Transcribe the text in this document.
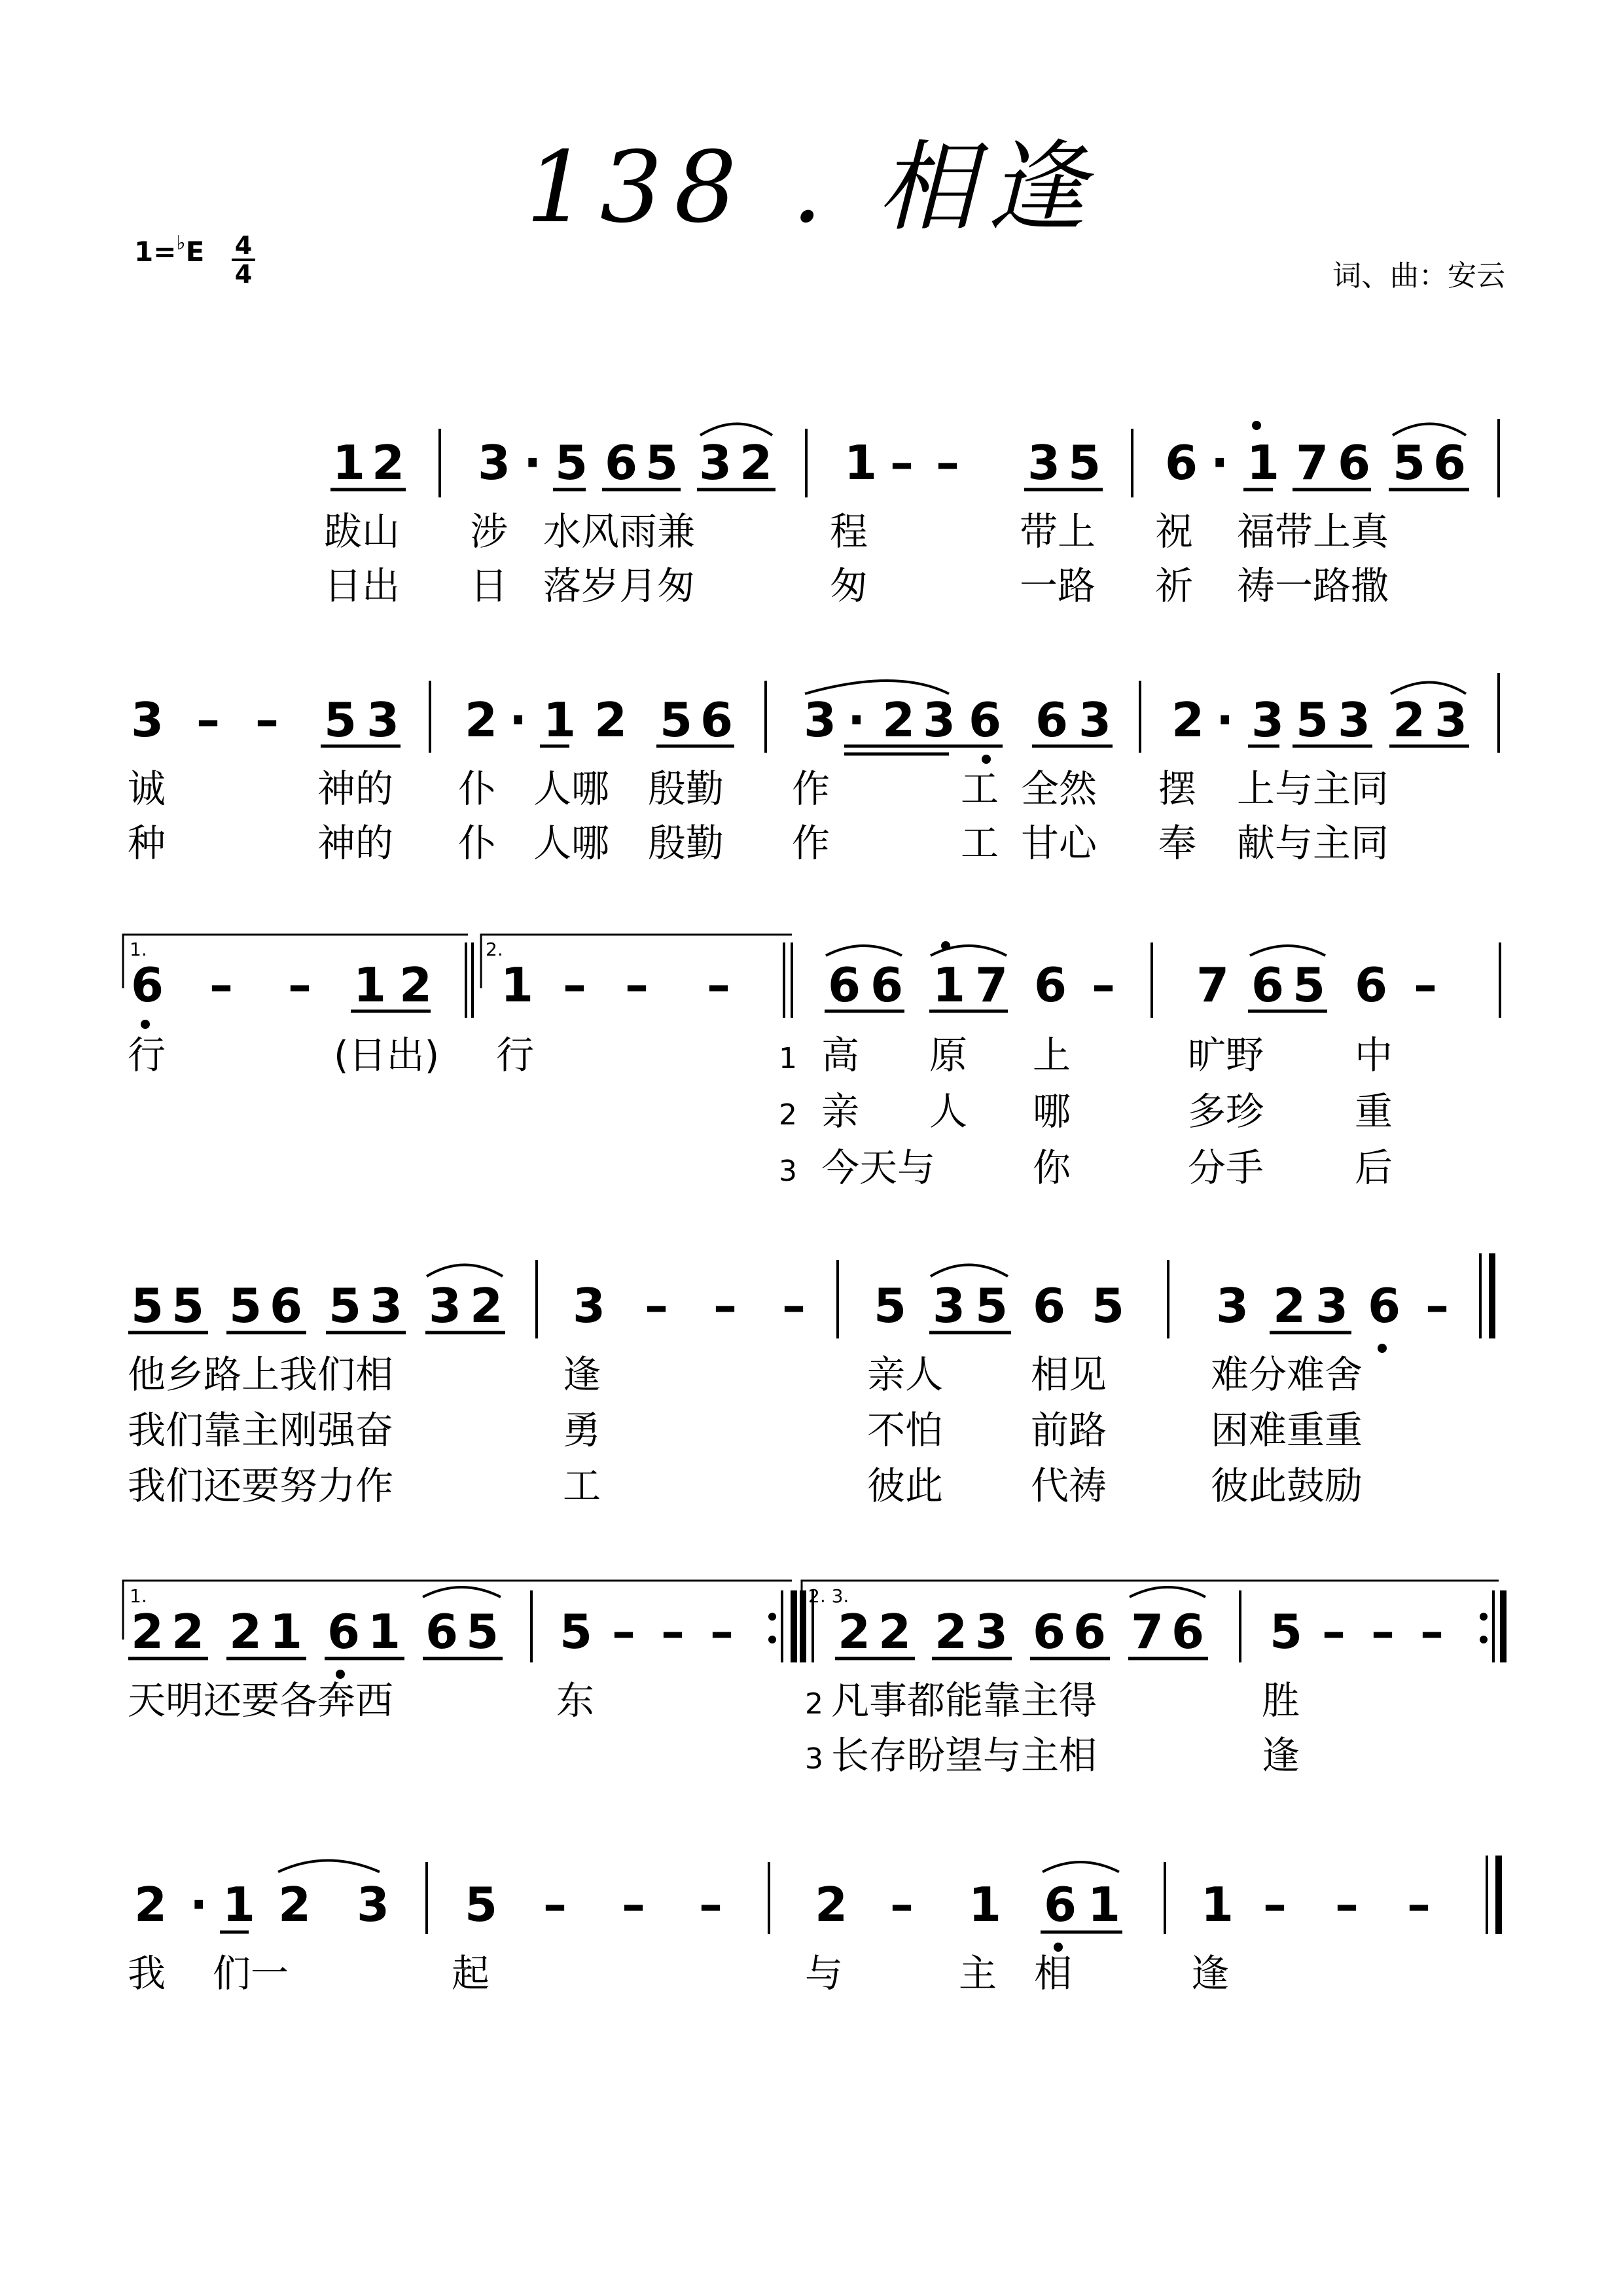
138 . 相逢
1=♭E 4
4	词、曲：安云
1 2 3 · 5 6 5 3 2 1 – – 3 5 6 · 1 7 6 5 6
跋山 涉 水风雨兼	程	带上 祝 福带上真
日出 日 落岁月匆	匆	一路 祈 祷一路撒
3 – – 5 3 2 · 1 2 5 6 3 · 2 3 6 6 3 2 · 3 5 3 2 3
诚	神的 仆 人哪 殷勤 作	工 全然 摆 上与主同
种	神的 仆 人哪 殷勤 作	工 甘心 奉 献与主同
1.	2.
6 – – 1 2 1 – – – 6 6 1 7 6 – 7 6 5 6 –
行	(日出) 行	1 高 原 上	旷野 中
2 亲 人 哪	多珍 重
3 今天与	你	分手 后
5 5 5 6 5 3 3 2 3 – – – 5 3 5 6 5 3 2 3 6 –
他乡路上我们相	逢	亲人 相见	难分难舍
我们靠主刚强奋	勇	不怕 前路	困难重重
我们还要努力作	工	彼此 代祷	彼此鼓励
1.	2. 3.
2 2 2 1 6 1 6 5 5 – – – 2 2 2 3 6 6 7 6 5 – – –
天明还要各奔西	东	2 凡事都能靠主得	胜
3 长存盼望与主相	逢
2 · 1 2 3 5 – – – 2 – 1 6 1 1 – – –
我 们一	起	与	主 相	逢
